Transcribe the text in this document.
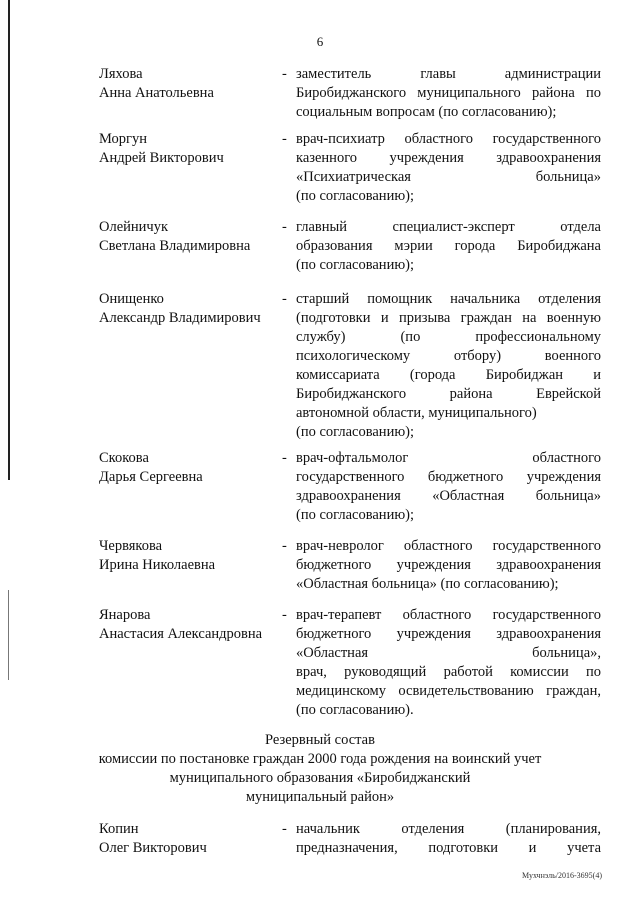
6
Ляхова
Анна Анатольевна
- заместитель главы администрации
Биробиджанского муниципального района по
социальным вопросам (по согласованию);
Моргун
Андрей Викторович
- врач-психиатр областного государственного
казенного учреждения здравоохранения
«Психиатрическая больница»
(по согласованию);
Олейничук
Светлана Владимировна
- главный специалист-эксперт отдела
образования мэрии города Биробиджана
(по согласованию);
Онищенко
Александр Владимирович
- старший помощник начальника отделения
(подготовки и призыва граждан на военную
службу) (по профессиональному
психологическому отбору) военного
комиссариата (города Биробиджан и
Биробиджанского района Еврейской
автономной области, муниципального)
(по согласованию);
Скокова
Дарья Сергеевна
- врач-офтальмолог областного
государственного бюджетного учреждения
здравоохранения «Областная больница»
(по согласованию);
Червякова
Ирина Николаевна
- врач-невролог областного государственного
бюджетного учреждения здравоохранения
«Областная больница» (по согласованию);
Янарова
Анастасия Александровна
- врач-терапевт областного государственного
бюджетного учреждения здравоохранения
«Областная больница»,
врач, руководящий работой комиссии по
медицинскому освидетельствованию граждан,
(по согласованию).
Резервный состав
комиссии по постановке граждан 2000 года рождения на воинский учет
муниципального образования «Биробиджанский
муниципальный район»
Копин
Олег Викторович
- начальник отделения (планирования,
предназначения, подготовки и учета
Мухчнэль/2016-3695(4)
